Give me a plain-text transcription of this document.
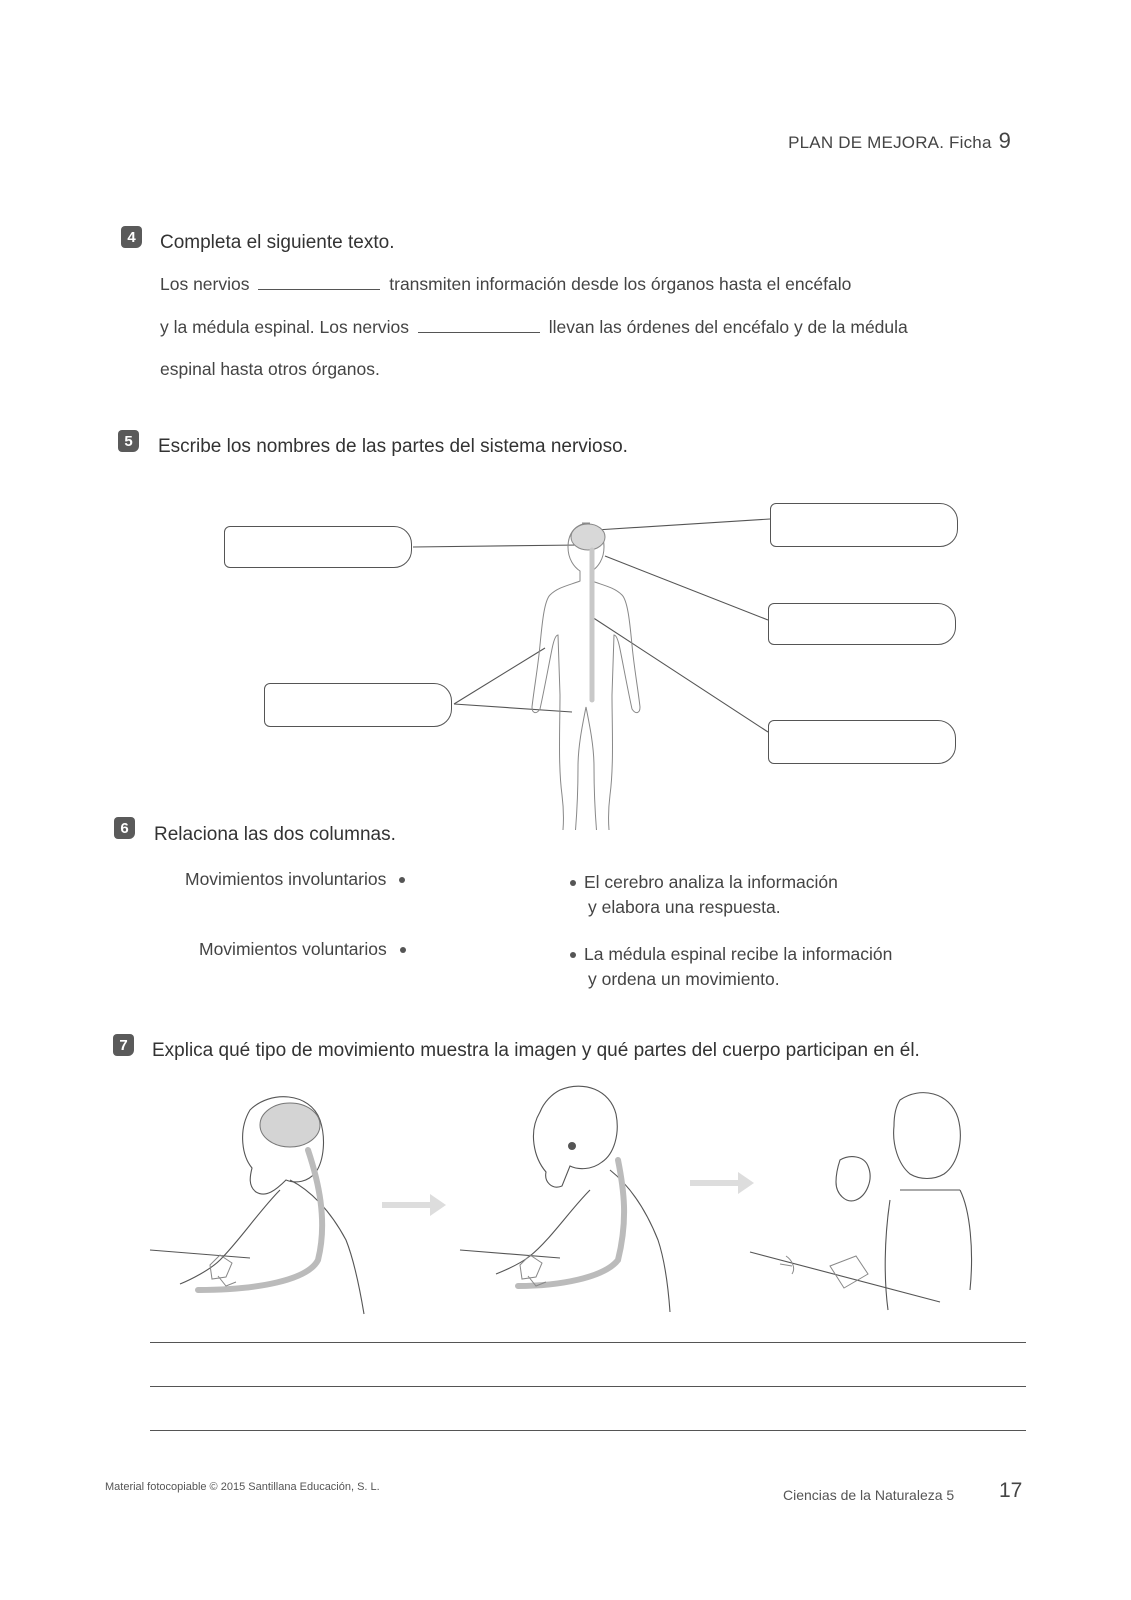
PLAN DE MEJORA. Ficha 9
4	Completa el siguiente texto.
Los nervios	transmiten información desde los órganos hasta el encéfalo
y la médula espinal. Los nervios	llevan las órdenes del encéfalo y de la médula
espinal hasta otros órganos.
5	Escribe los nombres de las partes del sistema nervioso.
6	Relaciona las dos columnas.
Movimientos involuntarios
Movimientos voluntarios
El cerebro analiza la información
y elabora una respuesta.
La médula espinal recibe la información
y ordena un movimiento.
7	Explica qué tipo de movimiento muestra la imagen y qué partes del cuerpo participan en él.
Material fotocopiable © 2015 Santillana Educación, S. L.	Ciencias de la Naturaleza 5 17
